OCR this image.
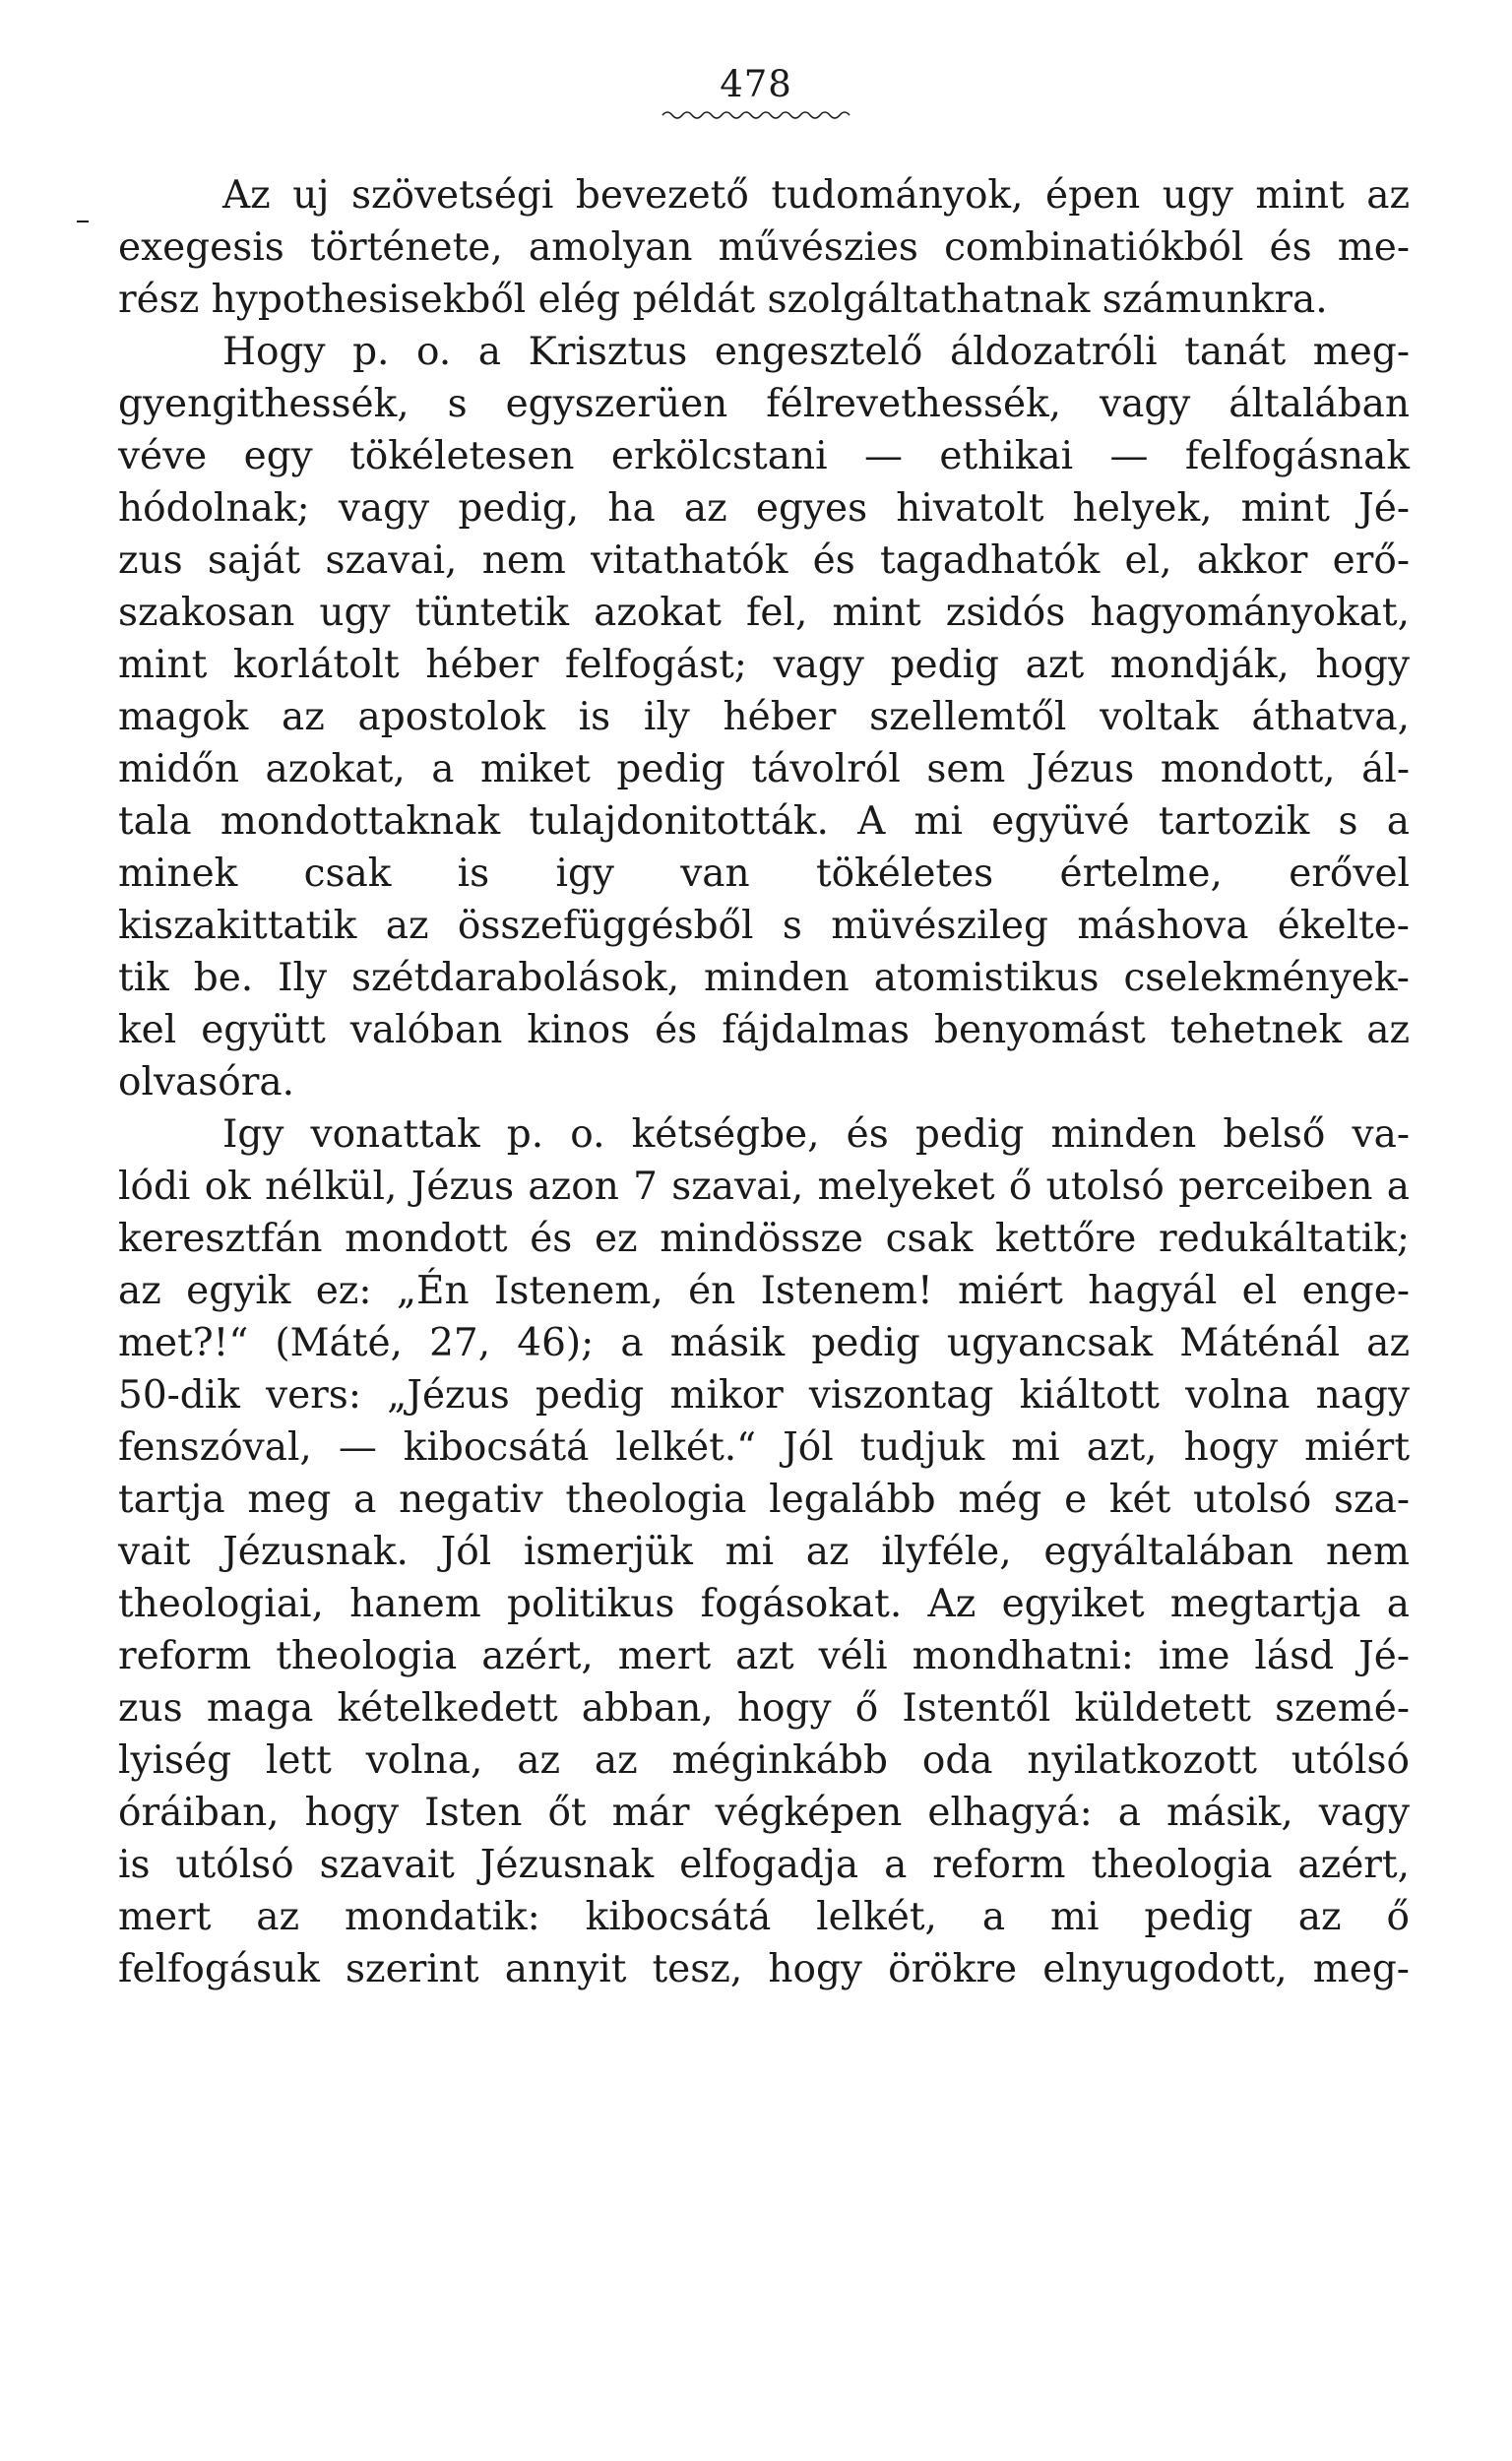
478
Az uj szövetségi bevezető tudományok, épen ugy mint az
exegesis története, amolyan művészies combinatiókból és me-
rész hypothesisekből elég példát szolgáltathatnak számunkra.
Hogy p. o. a Krisztus engesztelő áldozatróli tanát meg-
gyengithessék, s egyszerüen félrevethessék, vagy általában
véve egy tökéletesen erkölcstani — ethikai — felfogásnak
hódolnak; vagy pedig, ha az egyes hivatolt helyek, mint Jé-
zus saját szavai, nem vitathatók és tagadhatók el, akkor erő-
szakosan ugy tüntetik azokat fel, mint zsidós hagyományokat,
mint korlátolt héber felfogást; vagy pedig azt mondják, hogy
magok az apostolok is ily héber szellemtől voltak áthatva,
midőn azokat, a miket pedig távolról sem Jézus mondott, ál-
tala mondottaknak tulajdonitották. A mi együvé tartozik s a
minek csak is igy van tökéletes értelme, erővel
kiszakittatik az összefüggésből s müvészileg máshova ékelte-
tik be. Ily szétdarabolások, minden atomistikus cselekmények-
kel együtt valóban kinos és fájdalmas benyomást tehetnek az
olvasóra.
Igy vonattak p. o. kétségbe, és pedig minden belső va-
lódi ok nélkül, Jézus azon 7 szavai, melyeket ő utolsó perceiben a
keresztfán mondott és ez mindössze csak kettőre redukáltatik;
az egyik ez: „Én Istenem, én Istenem! miért hagyál el enge-
met?!“ (Máté, 27, 46); a másik pedig ugyancsak Máténál az
50-dik vers: „Jézus pedig mikor viszontag kiáltott volna nagy
fenszóval, — kibocsátá lelkét.“ Jól tudjuk mi azt, hogy miért
tartja meg a negativ theologia legalább még e két utolsó sza-
vait Jézusnak. Jól ismerjük mi az ilyféle, egyáltalában nem
theologiai, hanem politikus fogásokat. Az egyiket megtartja a
reform theologia azért, mert azt véli mondhatni: ime lásd Jé-
zus maga kételkedett abban, hogy ő Istentől küldetett szemé-
lyiség lett volna, az az méginkább oda nyilatkozott utólsó
óráiban, hogy Isten őt már végképen elhagyá: a másik, vagy
is utólsó szavait Jézusnak elfogadja a reform theologia azért,
mert az mondatik: kibocsátá lelkét, a mi pedig az ő
felfogásuk szerint annyit tesz, hogy örökre elnyugodott, meg-
